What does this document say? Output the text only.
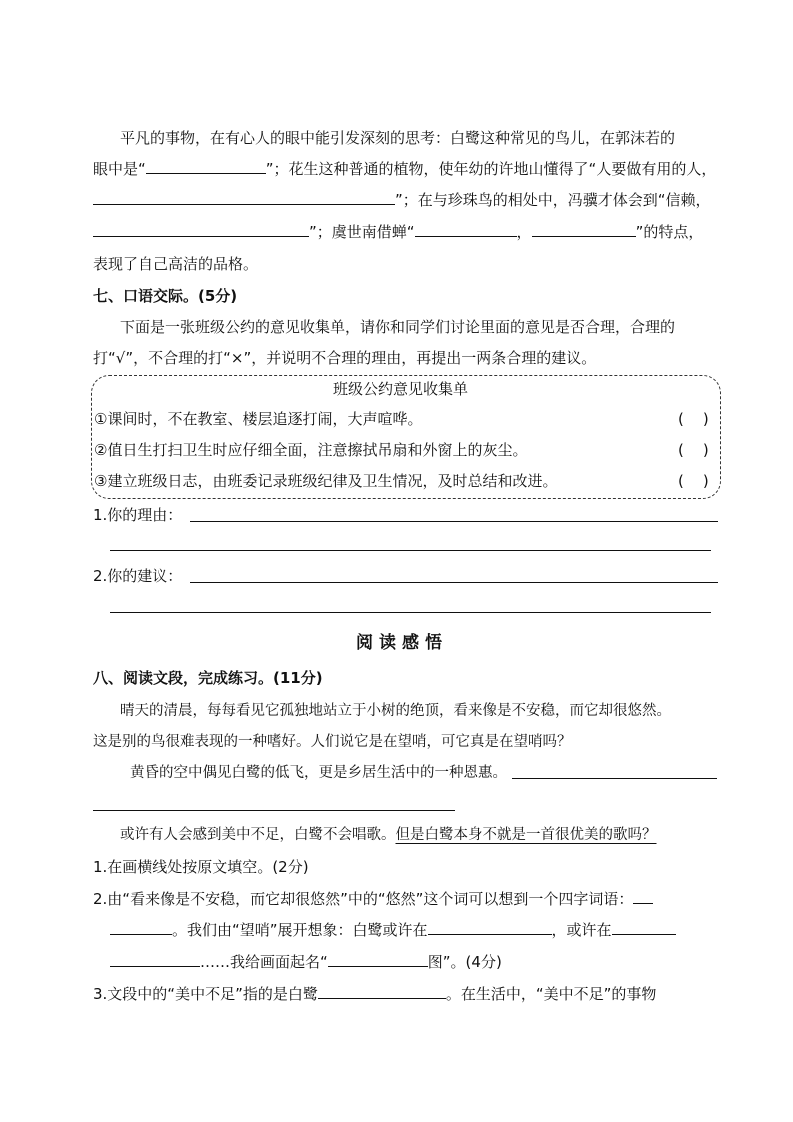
平凡的事物，在有心人的眼中能引发深刻的思考：白鹭这种常见的鸟儿，在郭沫若的
眼中是“	”；花生这种普通的植物，使年幼的许地山懂得了“人要做有用的人，
”；在与珍珠鸟的相处中，冯骥才体会到“信赖，
”；虞世南借蝉“	，	”的特点，
表现了自己高洁的品格。
七、口语交际。(5分)
下面是一张班级公约的意见收集单，请你和同学们讨论里面的意见是否合理，合理的
打“√”，不合理的打“×”，并说明不合理的理由，再提出一两条合理的建议。
班级公约意见收集单
①课间时，不在教室、楼层追逐打闹，大声喧哗。	(    )
②值日生打扫卫生时应仔细全面，注意擦拭吊扇和外窗上的灰尘。	(    )
③建立班级日志，由班委记录班级纪律及卫生情况，及时总结和改进。	(    )
1.你的理由：
2.你的建议：
阅读感悟
八、阅读文段，完成练习。(11分)
晴天的清晨，每每看见它孤独地站立于小树的绝顶，看来像是不安稳，而它却很悠然。
这是别的鸟很难表现的一种嗜好。人们说它是在望哨，可它真是在望哨吗？
黄昏的空中偶见白鹭的低飞，更是乡居生活中的一种恩惠。
或许有人会感到美中不足，白鹭不会唱歌。但是白鹭本身不就是一首很优美的歌吗？
1.在画横线处按原文填空。(2分)
2.由“看来像是不安稳，而它却很悠然”中的“悠然”这个词可以想到一个四字词语：
。我们由“望哨”展开想象：白鹭或许在	，或许在
……我给画面起名“	图”。(4分)
3.文段中的“美中不足”指的是白鹭	。在生活中，“美中不足”的事物
